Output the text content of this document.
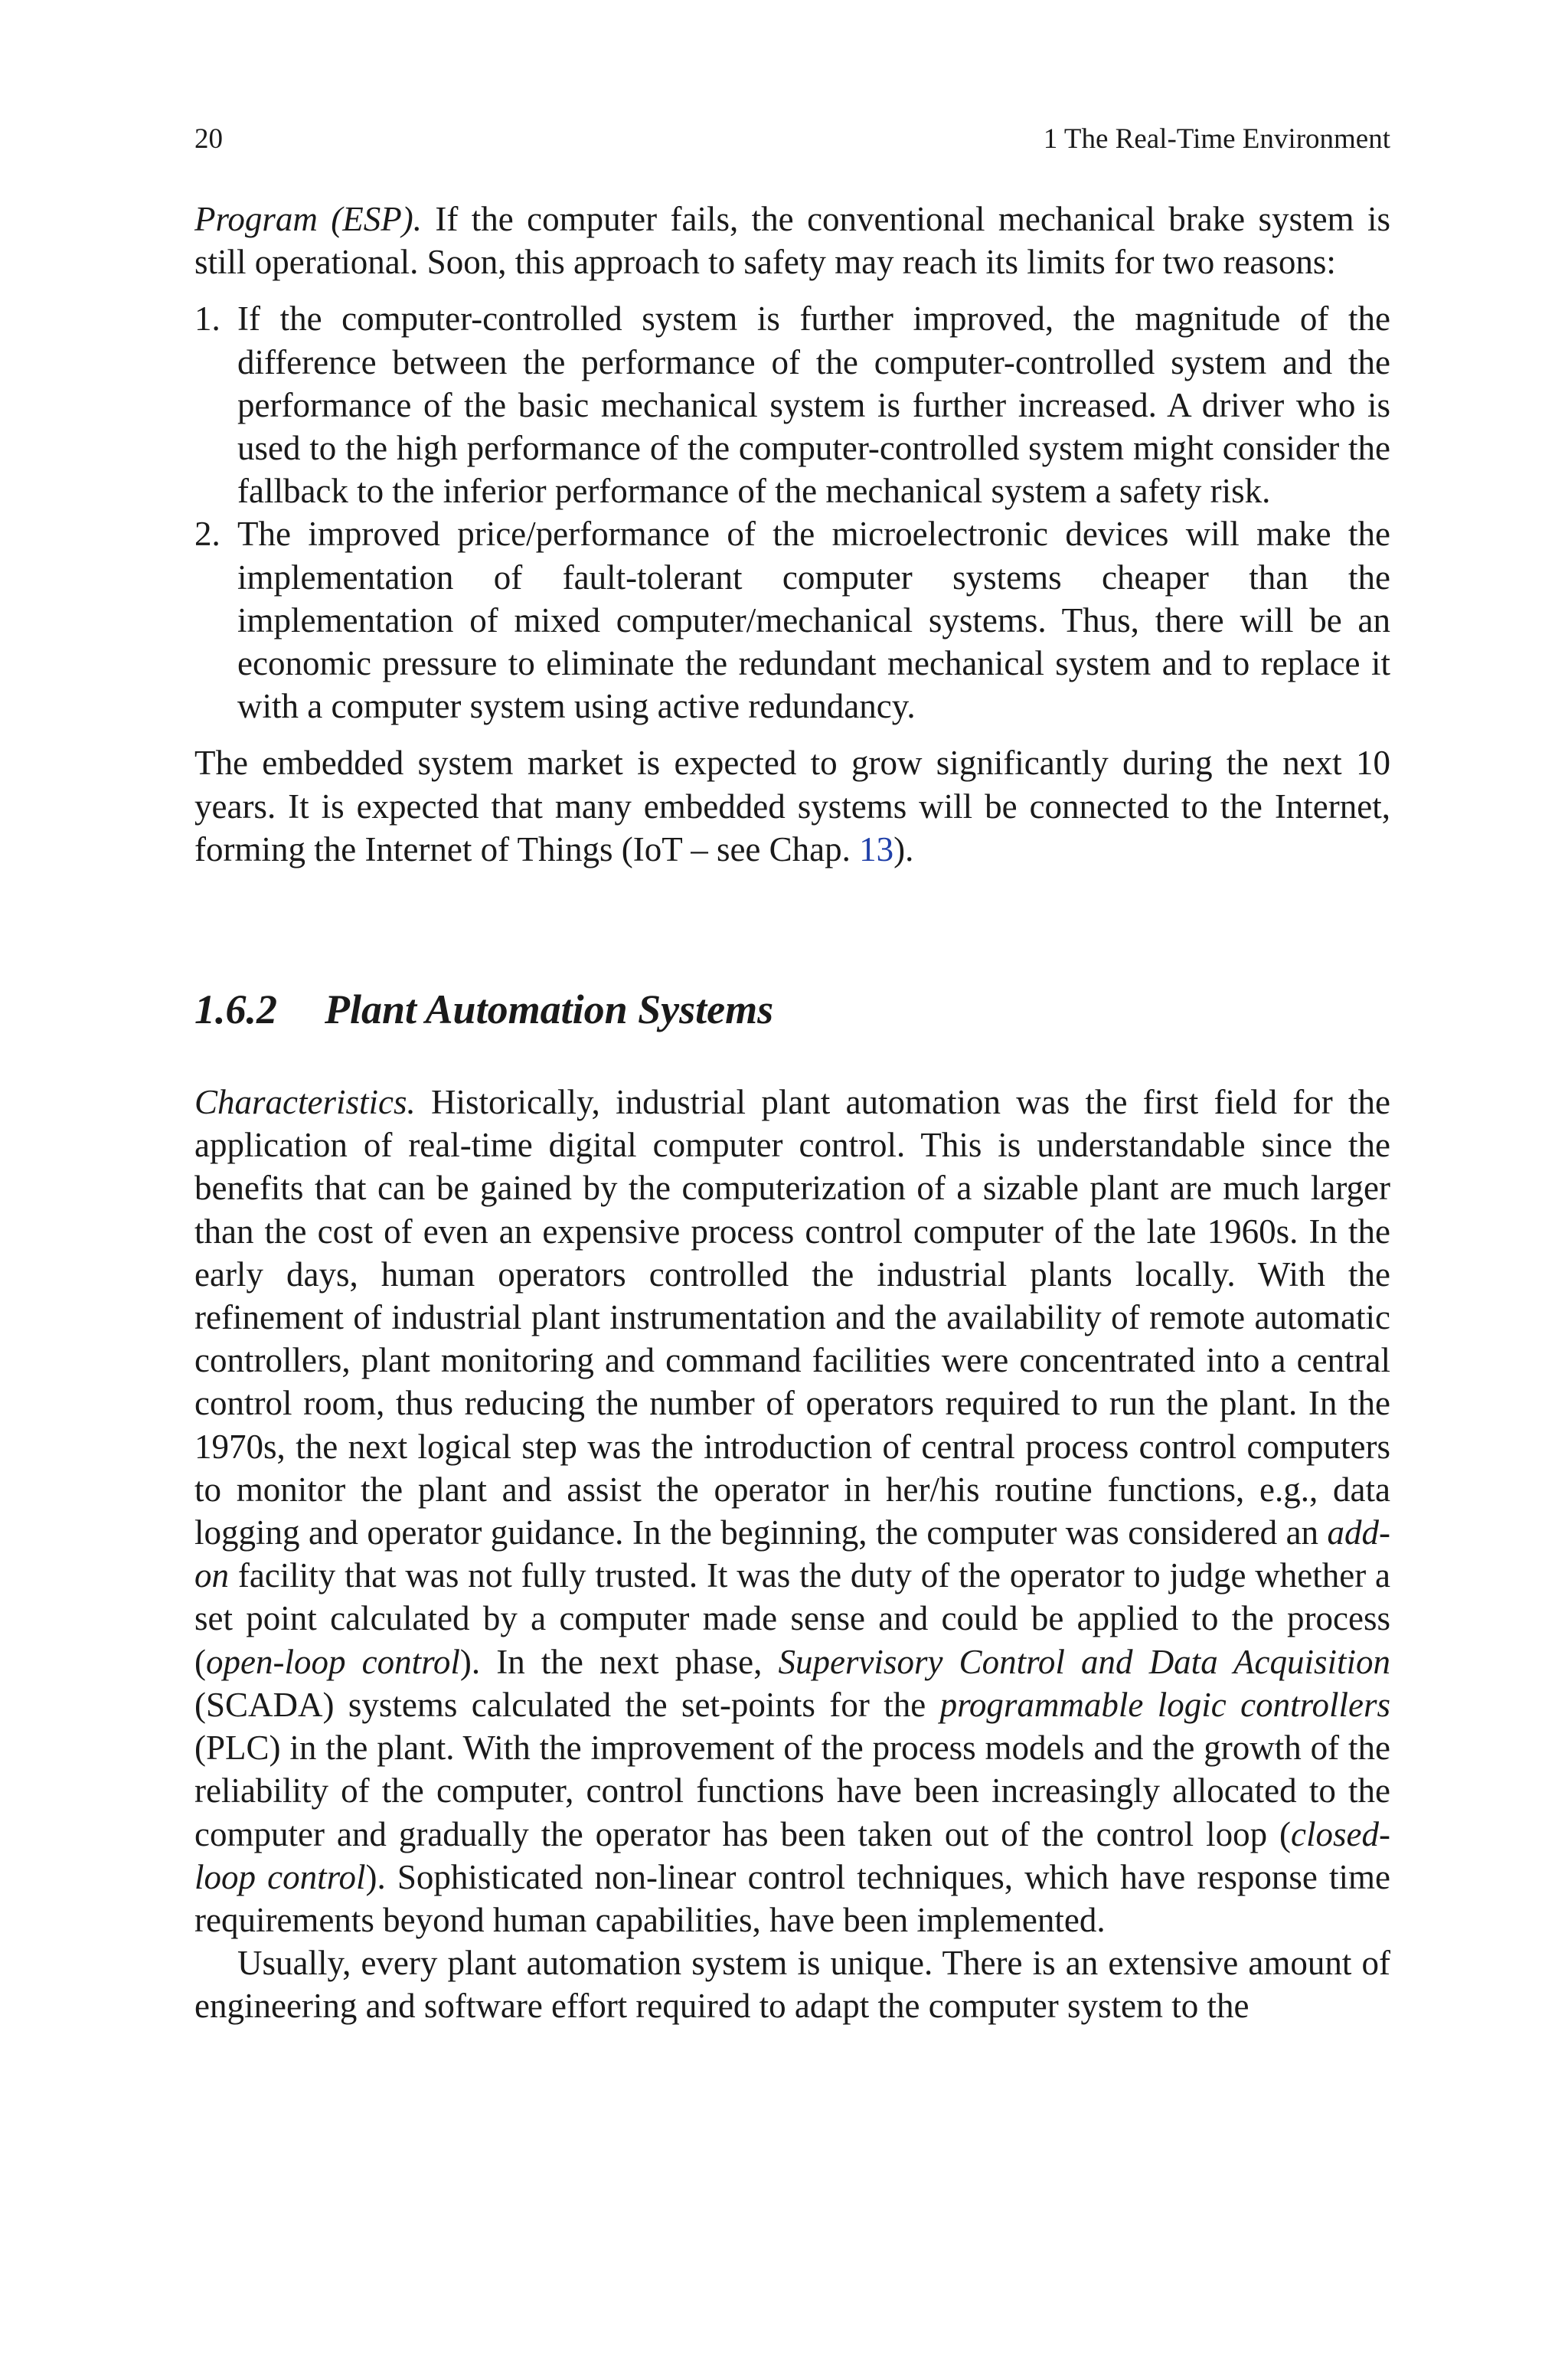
20	1 The Real-Time Environment

Program (ESP). If the computer fails, the conventional mechanical brake system is still operational. Soon, this approach to safety may reach its limits for two reasons:

1. If the computer-controlled system is further improved, the magnitude of the difference between the performance of the computer-controlled system and the performance of the basic mechanical system is further increased. A driver who is used to the high performance of the computer-controlled system might consider the fallback to the inferior performance of the mechanical system a safety risk.
2. The improved price/performance of the microelectronic devices will make the implementation of fault-tolerant computer systems cheaper than the implementation of mixed computer/mechanical systems. Thus, there will be an economic pressure to eliminate the redundant mechanical system and to replace it with a computer system using active redundancy.

The embedded system market is expected to grow significantly during the next 10 years. It is expected that many embedded systems will be connected to the Internet, forming the Internet of Things (IoT – see Chap. 13).

1.6.2	Plant Automation Systems

Characteristics. Historically, industrial plant automation was the first field for the application of real-time digital computer control. This is understandable since the benefits that can be gained by the computerization of a sizable plant are much larger than the cost of even an expensive process control computer of the late 1960s. In the early days, human operators controlled the industrial plants locally. With the refinement of industrial plant instrumentation and the availability of remote automatic controllers, plant monitoring and command facilities were concentrated into a central control room, thus reducing the number of operators required to run the plant. In the 1970s, the next logical step was the introduction of central process control computers to monitor the plant and assist the operator in her/his routine functions, e.g., data logging and operator guidance. In the beginning, the computer was considered an add-on facility that was not fully trusted. It was the duty of the operator to judge whether a set point calculated by a computer made sense and could be applied to the process (open-loop control). In the next phase, Supervisory Control and Data Acquisition (SCADA) systems calculated the set-points for the programmable logic controllers (PLC) in the plant. With the improvement of the process models and the growth of the reliability of the computer, control functions have been increasingly allocated to the computer and gradually the operator has been taken out of the control loop (closed-loop control). Sophisticated non-linear control techniques, which have response time requirements beyond human capabilities, have been implemented.

Usually, every plant automation system is unique. There is an extensive amount of engineering and software effort required to adapt the computer system to the
